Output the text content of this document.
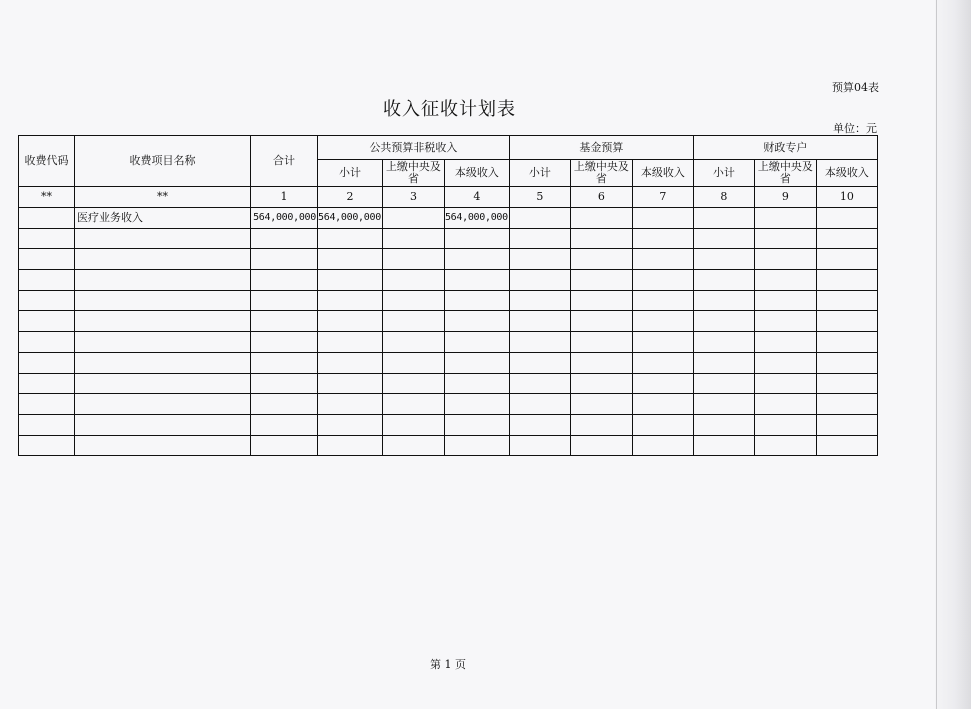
预算04表
收入征收计划表
单位：元
收费代码	收费项目名称	合计	公共预算非税收入			基金预算			财政专户		
			小计	上缴中央及省	本级收入	小计	上缴中央及省	本级收入	小计	上缴中央及省	本级收入
**	**	1	2	3	4	5	6	7	8	9	10
	医疗业务收入	564,000,000	564,000,000		564,000,000						

第 1 页
